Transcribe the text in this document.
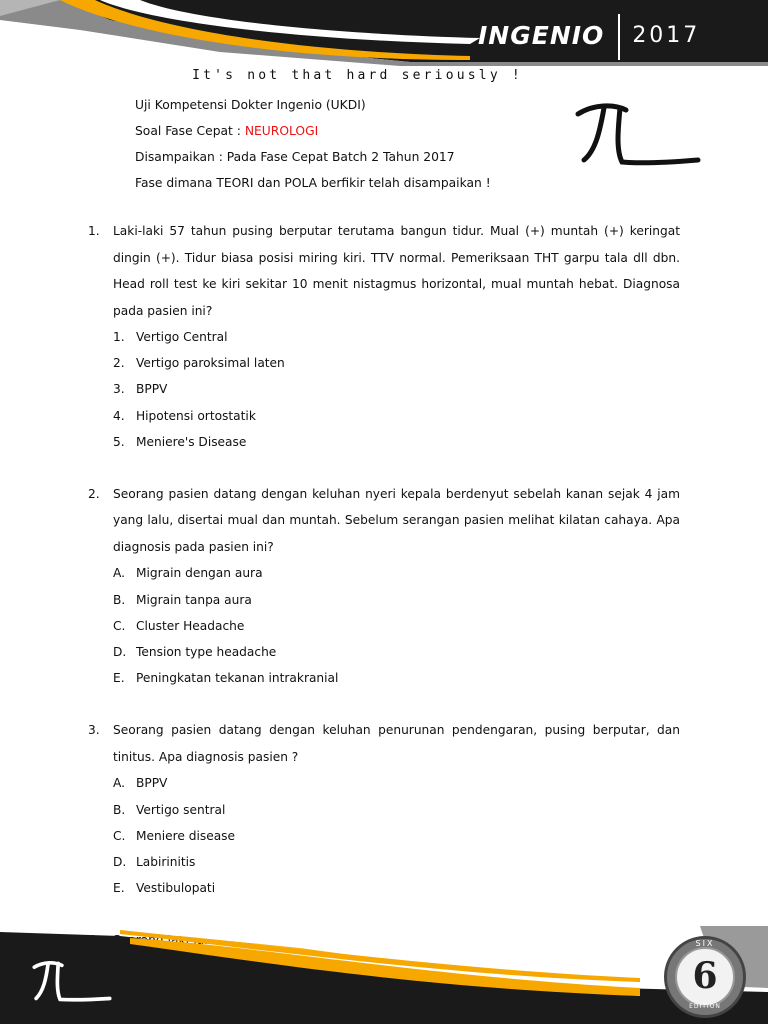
INGENIO 2017
It's not that hard seriously !
Uji Kompetensi Dokter Ingenio (UKDI)
Soal Fase Cepat : NEUROLOGI
Disampaikan : Pada Fase Cepat Batch 2 Tahun 2017
Fase dimana TEORI dan POLA berfikir telah disampaikan !
1.	Laki-laki 57 tahun pusing berputar terutama bangun tidur. Mual (+) muntah (+) keringat dingin (+). Tidur biasa posisi miring kiri. TTV normal. Pemeriksaan THT garpu tala dll dbn. Head roll test ke kiri sekitar 10 menit nistagmus horizontal, mual muntah hebat. Diagnosa pada pasien ini?

1. Vertigo Central
2. Vertigo paroksimal laten
3. BPPV
4. Hipotensi ortostatik
5. Meniere's Disease
2.	Seorang pasien datang dengan keluhan nyeri kepala berdenyut sebelah kanan sejak 4 jam yang lalu, disertai mual dan muntah. Sebelum serangan pasien melihat kilatan cahaya. Apa diagnosis pada pasien ini?

A. Migrain dengan aura
B. Migrain tanpa aura
C. Cluster Headache
D. Tension type headache
E. Peningkatan tekanan intrakranial
3.	Seorang pasien datang dengan keluhan penurunan pendengaran, pusing berputar, dan tinitus. Apa diagnosis pasien ?

A. BPPV
B. Vertigo sentral
C. Meniere disease
D. Labirinitis
E. Vestibulopati

SIX
6
EDITION
